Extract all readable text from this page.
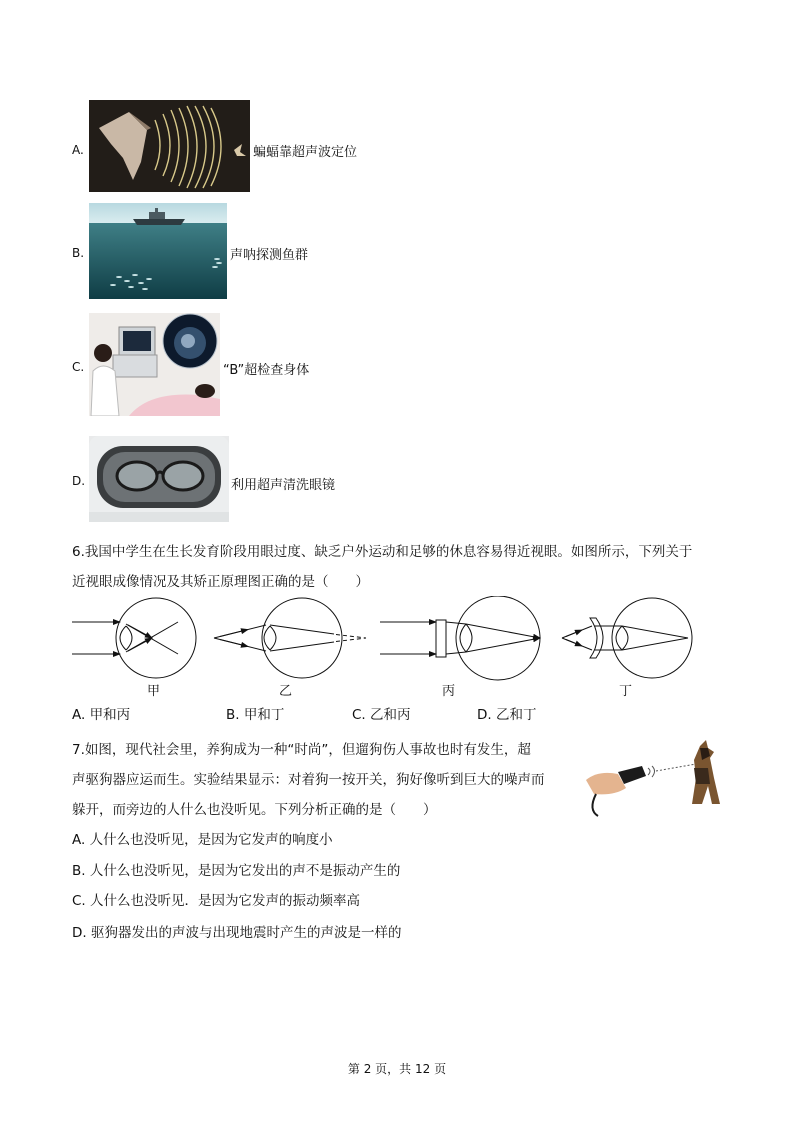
A.	蝙蝠靠超声波定位
B.	声呐探测鱼群
C.	“B”超检查身体
D.	利用超声清洗眼镜
6.我国中学生在生长发育阶段用眼过度、缺乏户外运动和足够的休息容易得近视眼。如图所示，下列关于
近视眼成像情况及其矫正原理图正确的是（　　）
甲	乙	丙	丁
A. 甲和丙	B. 甲和丁	C. 乙和丙	D. 乙和丁
7.如图，现代社会里，养狗成为一种“时尚”，但遛狗伤人事故也时有发生，超
声驱狗器应运而生。实验结果显示：对着狗一按开关，狗好像听到巨大的噪声而
躲开，而旁边的人什么也没听见。下列分析正确的是（　　）
A. 人什么也没听见，是因为它发声的响度小
B. 人什么也没听见，是因为它发出的声不是振动产生的
C. 人什么也没听见．是因为它发声的振动频率高
D. 驱狗器发出的声波与出现地震时产生的声波是一样的
第 2 页，共 12 页
